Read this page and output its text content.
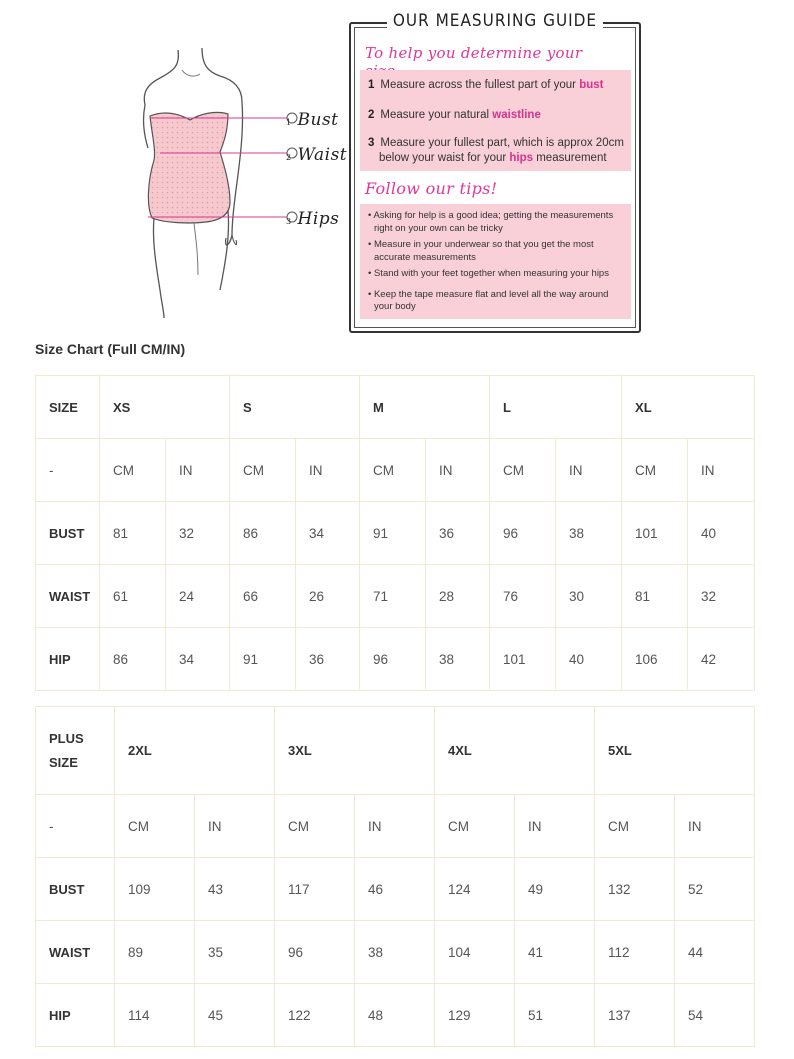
1 Bust
2 Waist
3 Hips
OUR MEASURING GUIDE
To help you determine your
1 Measure across the fullest part of your bust
2 Measure your natural waistline
3 Measure your fullest part, which is approx 20cm
below your waist for your hips measurement
Follow our tips!
• Asking for help is a good idea; getting the measurements
right on your own can be tricky
• Measure in your underwear so that you get the most
accurate measurements
• Stand with your feet together when measuring your hips
• Keep the tape measure flat and level all the way around
your body
Size Chart (Full CM/IN)
SIZE	XS		S		M		L		XL	
-	CM	IN	CM	IN	CM	IN	CM	IN	CM	IN
BUST	81	32	86	34	91	36	96	38	101	40
WAIST	61	24	66	26	71	28	76	30	81	32
HIP	86	34	91	36	96	38	101	40	106	42
PLUS
SIZE	2XL		3XL		4XL		5XL	
-	CM	IN	CM	IN	CM	IN	CM	IN
BUST	109	43	117	46	124	49	132	52
WAIST	89	35	96	38	104	41	112	44
HIP	114	45	122	48	129	51	137	54
